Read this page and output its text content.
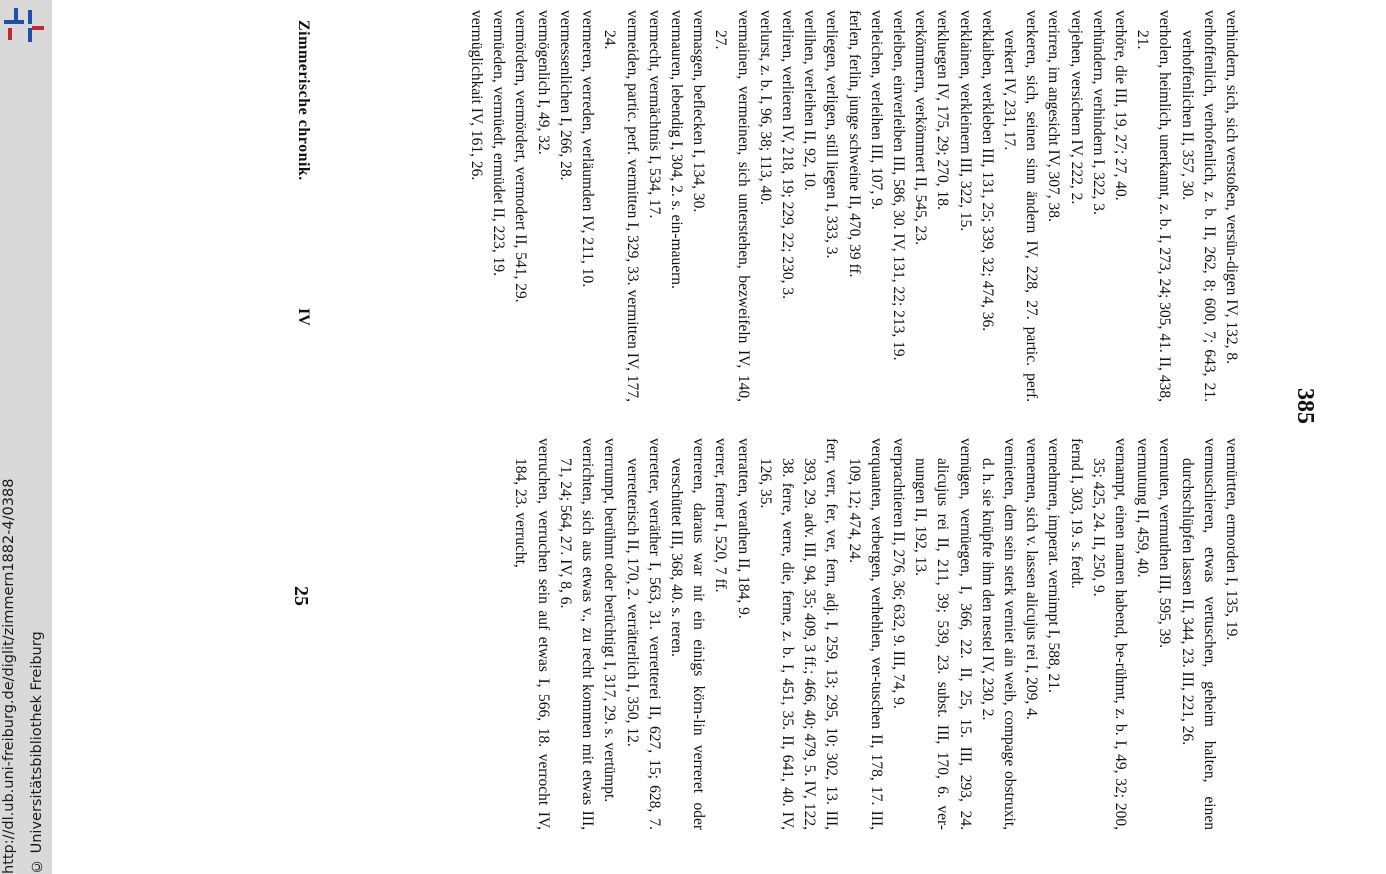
http://dl.ub.uni-freiburg.de/diglit/zimmern1882-4/0388 © Universitätsbibliothek Freiburg
385

verhindern, sich, sich verstoßen, versün-digen IV, 132, 8.

verhoffenlich, verhofenlich, z. b. II, 262, 8; 600, 7; 643, 21. verhoffenlichen II, 357, 30.

verholen, heimlich, unerkannt, z. b. I, 273, 24; 305, 41. II, 438, 21.

verhöre, die III, 19, 27; 27, 40.

verhündern, verhindern I, 322, 3.

verjehen, versichern IV, 222, 2.

verirren, im angesicht IV, 307, 38.

verkeren, sich, seinen sinn ändern IV, 228, 27. partic. perf. verkert IV, 231, 17.

verklaiben, verkleben III, 131, 25; 339, 32; 474, 36.

verklainen, verkleinern III, 322, 15.

verkluegen IV, 175, 29; 270, 18.

verkömmern, verkömmert II, 545, 23.

verleiben, einverleiben III, 586, 30. IV, 131, 22; 213, 19.

verleichen, verleihen III, 107, 9.

ferlen, ferlin, junge schweine II, 470, 39 ff.

verliegen, verligen, still liegen I, 333, 3.

verlihen, verleihen II, 92, 10.

verliren, verlieren IV, 218, 19; 229, 22; 230, 3.

verlurst, z. b. I, 96, 38; 113, 40.

vermainen, vermeinen, sich unterstehen, bezweifeln IV, 140, 27.

vermasgen, beflecken I, 134, 30.

vermauren, lebendig I, 304, 2. s. ein-mauern.

vermecht, vermächtnis I, 534, 17.

vermeiden, partic. perf. vermitten I, 329, 33. vermitten IV, 177, 24.

vermeren, verreden, verläumden IV, 211, 10.

vermessenlichen I, 266, 28.

vermögenlich I, 49, 32.

vermördern, vermördert, vermodert II, 541, 29.

vermüeden, vermüedt, ermüdet II, 223, 19.

vermüglichkait IV, 161, 26.

vermürtten, ermorden I, 135, 19.

vermuschieren, etwas vertuschen, geheim halten, einen durchschlüpfen lassen II, 344, 23. III, 221, 26.

vermuten, vermuthen III, 595, 39.

vermutung II, 459, 40.

vernampt, einen namen habend, be-rühmt, z. b. I, 49, 32; 200, 35; 425, 24. II, 250, 9.

fernd I, 303, 19. s. ferdt.

vernehmen, imperat. vernimpt I, 588, 21.

vernemen, sich v. lassen alicujus rei I, 209, 4.

vernieten, dem sein sterk verniet ain weib, compage obstruxit, d. h. sie knüpfte ihm den nestel IV, 230, 2.

vernügen, vernüegen, I, 366, 22. II, 25, 15. III, 293, 24. alicujus rei II, 211, 39; 539, 23. subst. III, 170, 6. ver-nungen II, 192, 13.

verprachtieren II, 276, 36; 632, 9. III, 74, 9.

verquanten, verbergen, verhehlen, ver-tuschen II, 178, 17. III, 109, 12; 474, 24.

ferr, verr, fer, ver, fern, adj. I, 259, 13; 295, 10; 302, 13. III, 393, 29. adv. III, 94, 35; 409, 3 ff.; 466, 40; 479, 5. IV, 122, 38. ferre, verre, die, ferne, z. b. I, 451, 35. II, 641, 40. IV, 126, 35.

verratten, verathen II, 184, 9.

verrer, ferner I, 520, 7 ff.

verreren, daraus war nit ein einigs körn-lin verreret oder verschüttet III, 368, 40. s. reren.

verretter, verräther I, 563, 31. verretterei II, 627, 15; 628, 7. verretterisch II, 170, 2. verrätterlich I, 350, 12.

verrrumpt, berühmt oder berüchtigt I, 317, 29. s. vertümpt.

verrichten, sich aus etwas v., zu recht kommen mit etwas III, 71, 24; 564, 27. IV, 8, 6.

verruchen, verruchen sein auf etwas I, 566, 18. verrocht IV, 184, 23. verrucht,

Zimmerische chronik.
IV
25
